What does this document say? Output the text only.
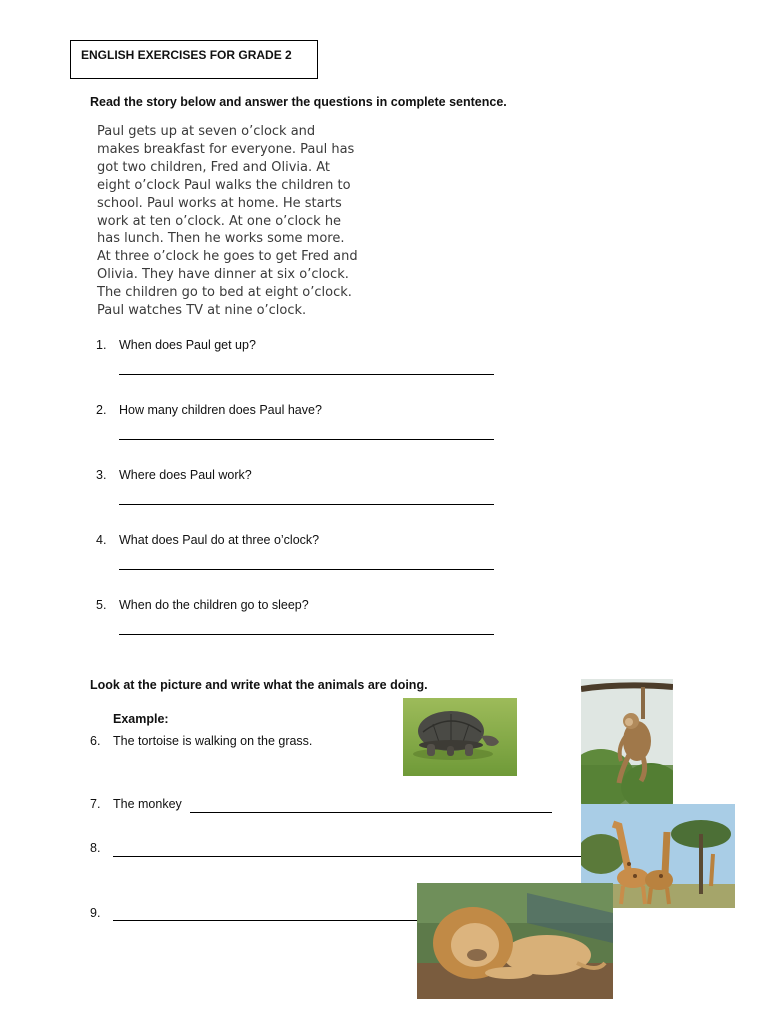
ENGLISH EXERCISES FOR GRADE 2
Read the story below and answer the questions in complete sentence.
Paul gets up at seven o’clock and
makes breakfast for everyone. Paul has
got two children, Fred and Olivia. At
eight o’clock Paul walks the children to
school. Paul works at home. He starts
work at ten o’clock. At one o’clock he
has lunch. Then he works some more.
At three o’clock he goes to get Fred and
Olivia. They have dinner at six o’clock.
The children go to bed at eight o’clock.
Paul watches TV at nine o’clock.
1.	When does Paul get up?
2.	How many children does Paul have?
3.	Where does Paul work?
4.	What does Paul do at three o’clock?
5.	When do the children go to sleep?
Look at the picture and write what the animals are doing.
Example:
6. The tortoise is walking on the grass.
7. The monkey
8.
9.
